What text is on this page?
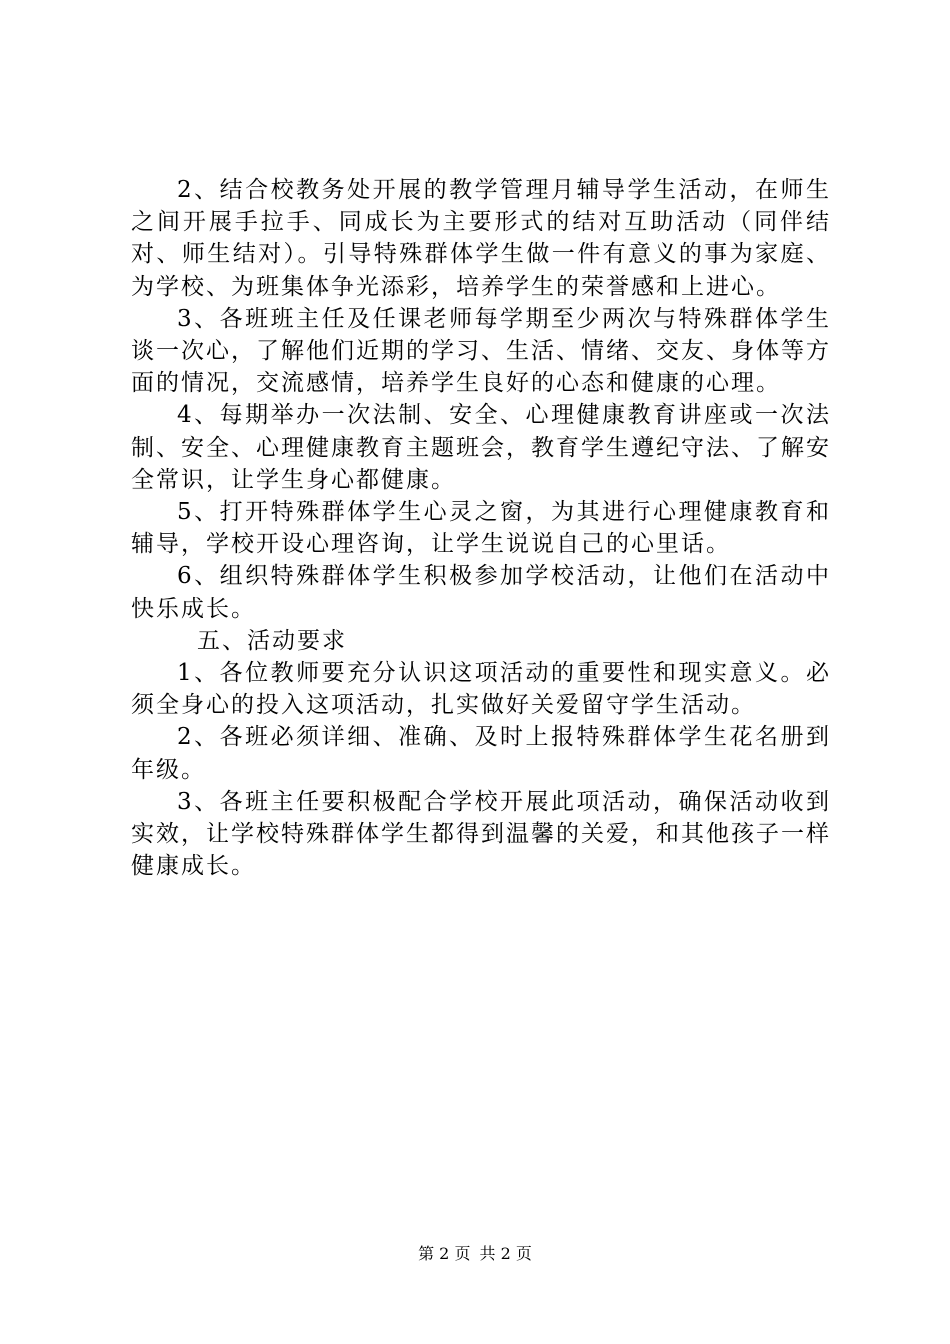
2、结合校教务处开展的教学管理月辅导学生活动，在师生之间开展手拉手、同成长为主要形式的结对互助活动（同伴结对、师生结对）。引导特殊群体学生做一件有意义的事为家庭、为学校、为班集体争光添彩，培养学生的荣誉感和上进心。

3、各班班主任及任课老师每学期至少两次与特殊群体学生谈一次心，了解他们近期的学习、生活、情绪、交友、身体等方面的情况，交流感情，培养学生良好的心态和健康的心理。

4、每期举办一次法制、安全、心理健康教育讲座或一次法制、安全、心理健康教育主题班会，教育学生遵纪守法、了解安全常识，让学生身心都健康。

5、打开特殊群体学生心灵之窗，为其进行心理健康教育和辅导，学校开设心理咨询，让学生说说自己的心里话。

6、组织特殊群体学生积极参加学校活动，让他们在活动中快乐成长。

五、活动要求

1、各位教师要充分认识这项活动的重要性和现实意义。必须全身心的投入这项活动，扎实做好关爱留守学生活动。

2、各班必须详细、准确、及时上报特殊群体学生花名册到年级。

3、各班主任要积极配合学校开展此项活动，确保活动收到实效，让学校特殊群体学生都得到温馨的关爱，和其他孩子一样健康成长。

第 2 页 共 2 页
